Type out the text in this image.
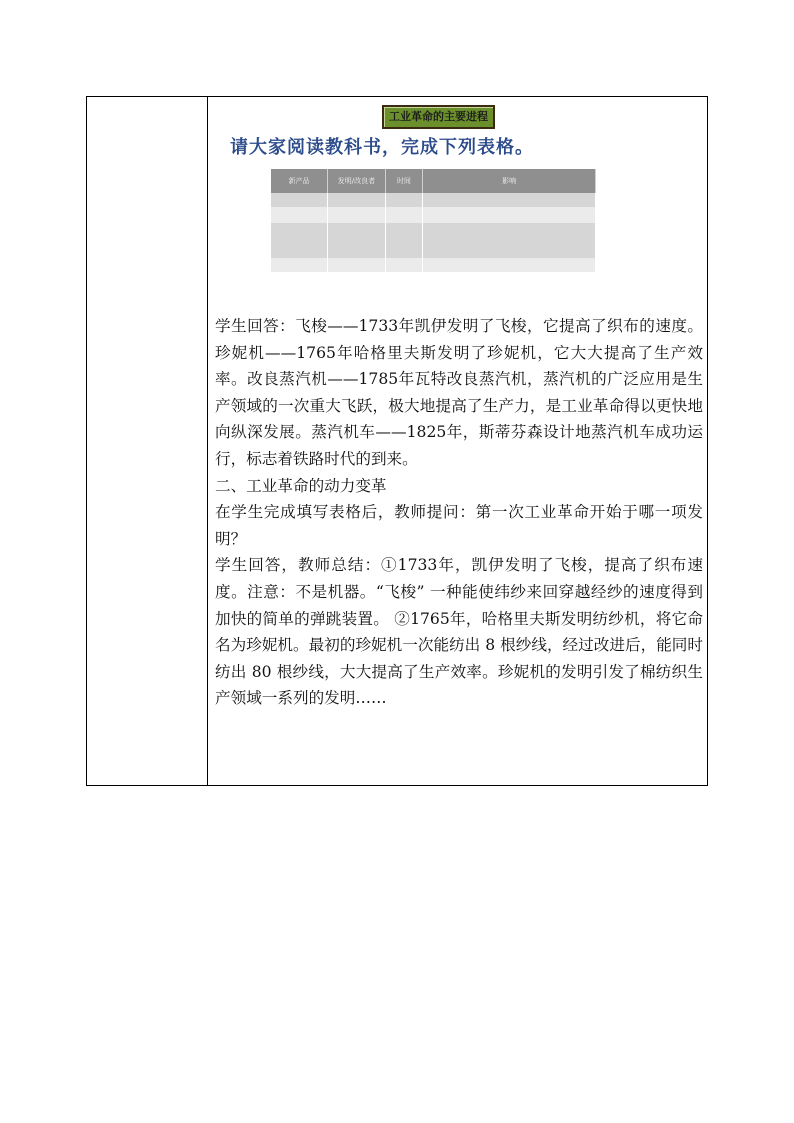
工业革命的主要进程
请大家阅读教科书，完成下列表格。
新产品	发明/改良者	时间	影响

学生回答：飞梭——1733年凯伊发明了飞梭，它提高了织布的速度。珍妮机——1765年哈格里夫斯发明了珍妮机，它大大提高了生产效率。改良蒸汽机——1785年瓦特改良蒸汽机，蒸汽机的广泛应用是生产领域的一次重大飞跃，极大地提高了生产力，是工业革命得以更快地向纵深发展。蒸汽机车——1825年，斯蒂芬森设计地蒸汽机车成功运行，标志着铁路时代的到来。

二、工业革命的动力变革

在学生完成填写表格后，教师提问：第一次工业革命开始于哪一项发明？

学生回答，教师总结：①1733年，凯伊发明了飞梭，提高了织布速度。注意：不是机器。“飞梭” 一种能使纬纱来回穿越经纱的速度得到加快的简单的弹跳装置。 ②1765年，哈格里夫斯发明纺纱机，将它命名为珍妮机。最初的珍妮机一次能纺出 8 根纱线，经过改进后，能同时纺出 80 根纱线，大大提高了生产效率。珍妮机的发明引发了棉纺织生产领域一系列的发明……
